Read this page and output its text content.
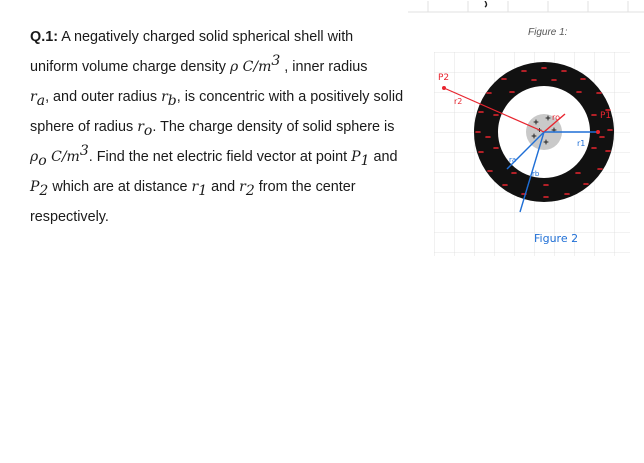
Q.1: A negatively charged solid spherical shell with
uniform volume charge density ρ $C/m^3$ , inner radius
$r_a$, and outer radius $r_b$, is concentric with a positively solid
sphere of radius $r_o$. The charge density of solid sphere is
$\rho_o$ $C/m^3$. Find the net electric field vector at point $P_1$ and
$P_2$ which are at distance $r_1$ and $r_2$ from the center
respectively.
Figure 1:
ro
r1
P1
ra
rb
r2
P2
Figure 2
